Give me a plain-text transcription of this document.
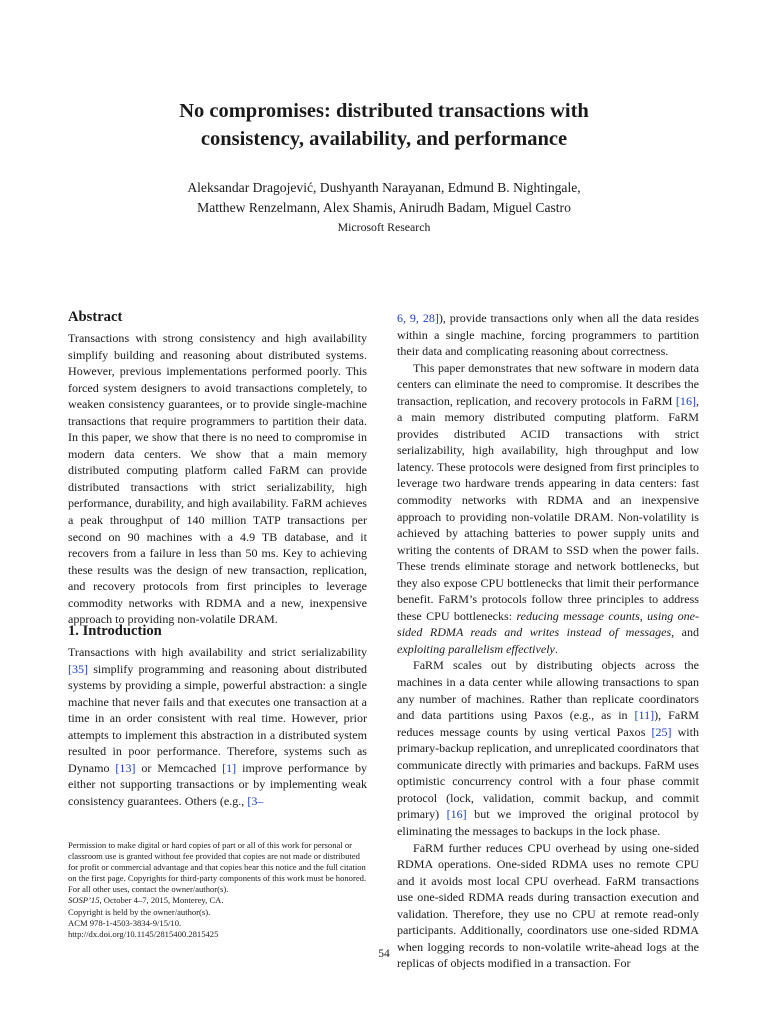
No compromises: distributed transactions with
consistency, availability, and performance
Aleksandar Dragojević, Dushyanth Narayanan, Edmund B. Nightingale,
Matthew Renzelmann, Alex Shamis, Anirudh Badam, Miguel Castro
Microsoft Research
Abstract

Transactions with strong consistency and high availability simplify building and reasoning about distributed systems. However, previous implementations performed poorly. This forced system designers to avoid transactions completely, to weaken consistency guarantees, or to provide single-machine transactions that require programmers to partition their data. In this paper, we show that there is no need to compromise in modern data centers. We show that a main memory distributed computing platform called FaRM can provide distributed transactions with strict serializability, high performance, durability, and high availability. FaRM achieves a peak throughput of 140 million TATP transactions per second on 90 machines with a 4.9 TB database, and it recovers from a failure in less than 50 ms. Key to achieving these results was the design of new transaction, replication, and recovery protocols from first principles to leverage commodity networks with RDMA and a new, inexpensive approach to providing non-volatile DRAM.

1. Introduction

Transactions with high availability and strict serializability [35] simplify programming and reasoning about distributed systems by providing a simple, powerful abstraction: a single machine that never fails and that executes one transaction at a time in an order consistent with real time. However, prior attempts to implement this abstraction in a distributed system resulted in poor performance. Therefore, systems such as Dynamo [13] or Memcached [1] improve performance by either not supporting transactions or by implementing weak consistency guarantees. Others (e.g., [3–

6, 9, 28]), provide transactions only when all the data resides within a single machine, forcing programmers to partition their data and complicating reasoning about correctness.

This paper demonstrates that new software in modern data centers can eliminate the need to compromise. It describes the transaction, replication, and recovery protocols in FaRM [16], a main memory distributed computing platform. FaRM provides distributed ACID transactions with strict serializability, high availability, high throughput and low latency. These protocols were designed from first principles to leverage two hardware trends appearing in data centers: fast commodity networks with RDMA and an inexpensive approach to providing non-volatile DRAM. Non-volatility is achieved by attaching batteries to power supply units and writing the contents of DRAM to SSD when the power fails. These trends eliminate storage and network bottlenecks, but they also expose CPU bottlenecks that limit their performance benefit. FaRM’s protocols follow three principles to address these CPU bottlenecks: reducing message counts, using one-sided RDMA reads and writes instead of messages, and exploiting parallelism effectively.

FaRM scales out by distributing objects across the machines in a data center while allowing transactions to span any number of machines. Rather than replicate coordinators and data partitions using Paxos (e.g., as in [11]), FaRM reduces message counts by using vertical Paxos [25] with primary-backup replication, and unreplicated coordinators that communicate directly with primaries and backups. FaRM uses optimistic concurrency control with a four phase commit protocol (lock, validation, commit backup, and commit primary) [16] but we improved the original protocol by eliminating the messages to backups in the lock phase.

FaRM further reduces CPU overhead by using one-sided RDMA operations. One-sided RDMA uses no remote CPU and it avoids most local CPU overhead. FaRM transactions use one-sided RDMA reads during transaction execution and validation. Therefore, they use no CPU at remote read-only participants. Additionally, coordinators use one-sided RDMA when logging records to non-volatile write-ahead logs at the replicas of objects modified in a transaction. For

Permission to make digital or hard copies of part or all of this work for personal or
classroom use is granted without fee provided that copies are not made or distributed
for profit or commercial advantage and that copies bear this notice and the full citation
on the first page. Copyrights for third-party components of this work must be honored.
For all other uses, contact the owner/author(s).
SOSP’15, October 4–7, 2015, Monterey, CA.
Copyright is held by the owner/author(s).
ACM 978-1-4503-3834-9/15/10.
http://dx.doi.org/10.1145/2815400.2815425
54
